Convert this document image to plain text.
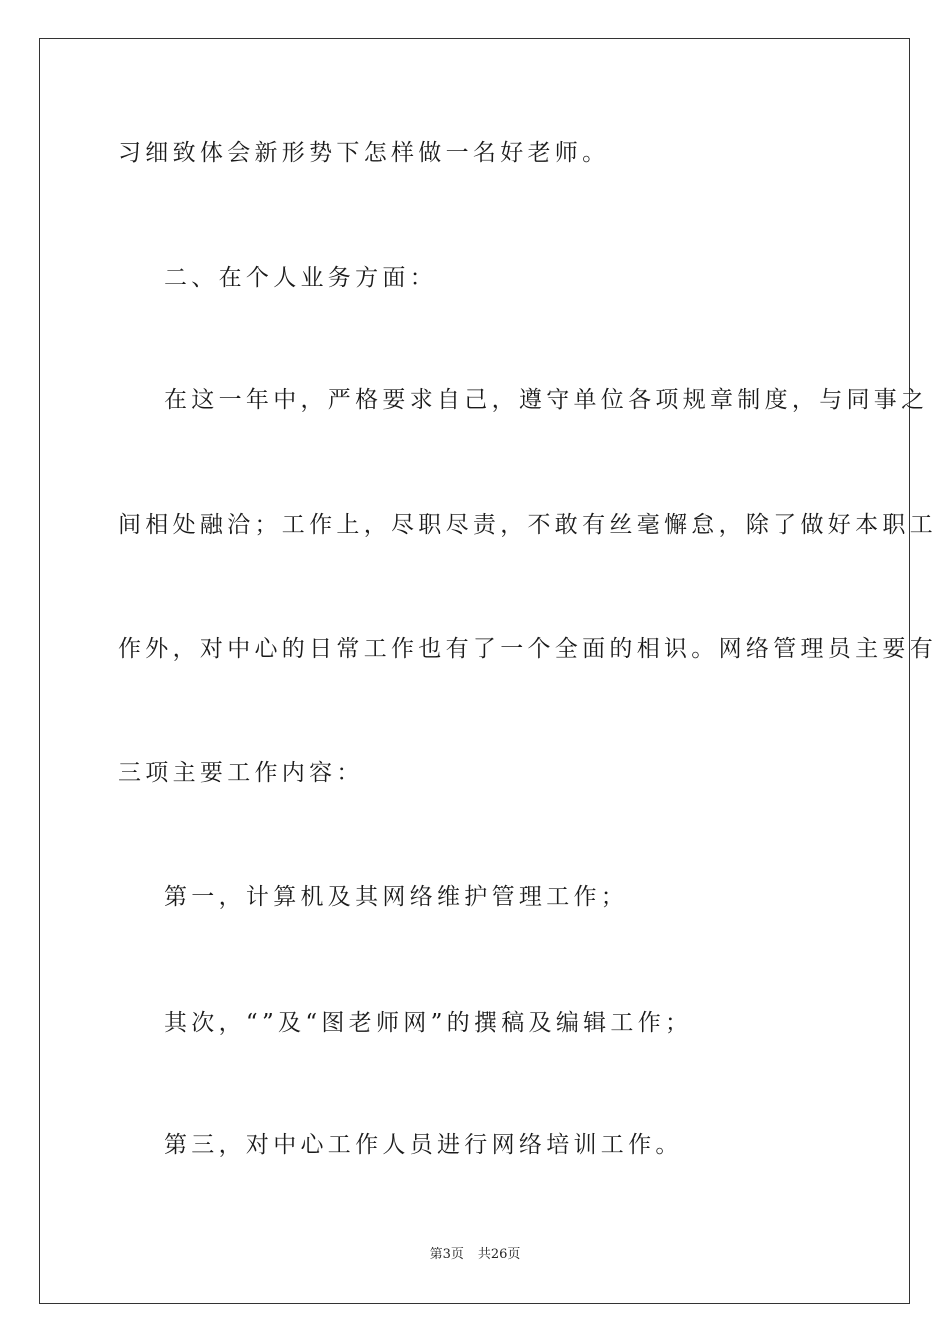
习细致体会新形势下怎样做一名好老师。
二、在个人业务方面：
在这一年中，严格要求自己，遵守单位各项规章制度，与同事之
间相处融洽；工作上，尽职尽责，不敢有丝毫懈怠，除了做好本职工
作外，对中心的日常工作也有了一个全面的相识。网络管理员主要有
三项主要工作内容：
第一，计算机及其网络维护管理工作；
其次，“”及“图老师网”的撰稿及编辑工作；
第三，对中心工作人员进行网络培训工作。
第3页 共26页
